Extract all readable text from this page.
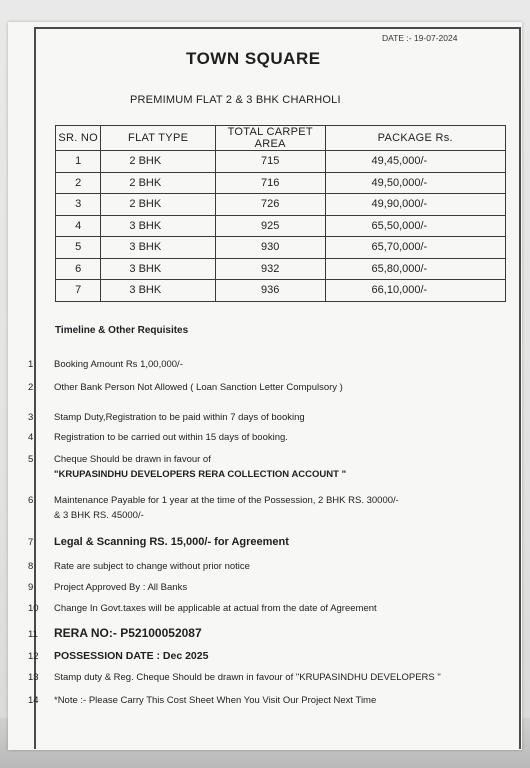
DATE :- 19-07-2024
TOWN SQUARE
PREMIMUM FLAT 2 & 3 BHK CHARHOLI
SR. NO	FLAT TYPE	TOTAL CARPET AREA	PACKAGE Rs.
1	2 BHK	715	49,45,000/-
2	2 BHK	716	49,50,000/-
3	2 BHK	726	49,90,000/-
4	3 BHK	925	65,50,000/-
5	3 BHK	930	65,70,000/-
6	3 BHK	932	65,80,000/-
7	3 BHK	936	66,10,000/-
Timeline & Other Requisites
1 Booking Amount Rs 1,00,000/-
2 Other Bank Person Not Allowed ( Loan Sanction Letter Compulsory )
3 Stamp Duty,Registration to be paid within 7 days of booking
4 Registration to be carried out within 15 days of booking.
5 Cheque Should be drawn in favour of
"KRUPASINDHU DEVELOPERS RERA COLLECTION ACCOUNT "
6 Maintenance Payable for 1 year at the time of the Possession, 2 BHK RS. 30000/-
& 3 BHK RS. 45000/-
7 Legal & Scanning RS. 15,000/- for Agreement
8 Rate are subject to change without prior notice
9 Project Approved By : All Banks
10 Change In Govt.taxes will be applicable at actual from the date of Agreement
11 RERA NO:- P52100052087
12 POSSESSION DATE : Dec 2025
13 Stamp duty & Reg. Cheque Should be drawn in favour of "KRUPASINDHU DEVELOPERS "
14 *Note :- Please Carry This Cost Sheet When You Visit Our Project Next Time
